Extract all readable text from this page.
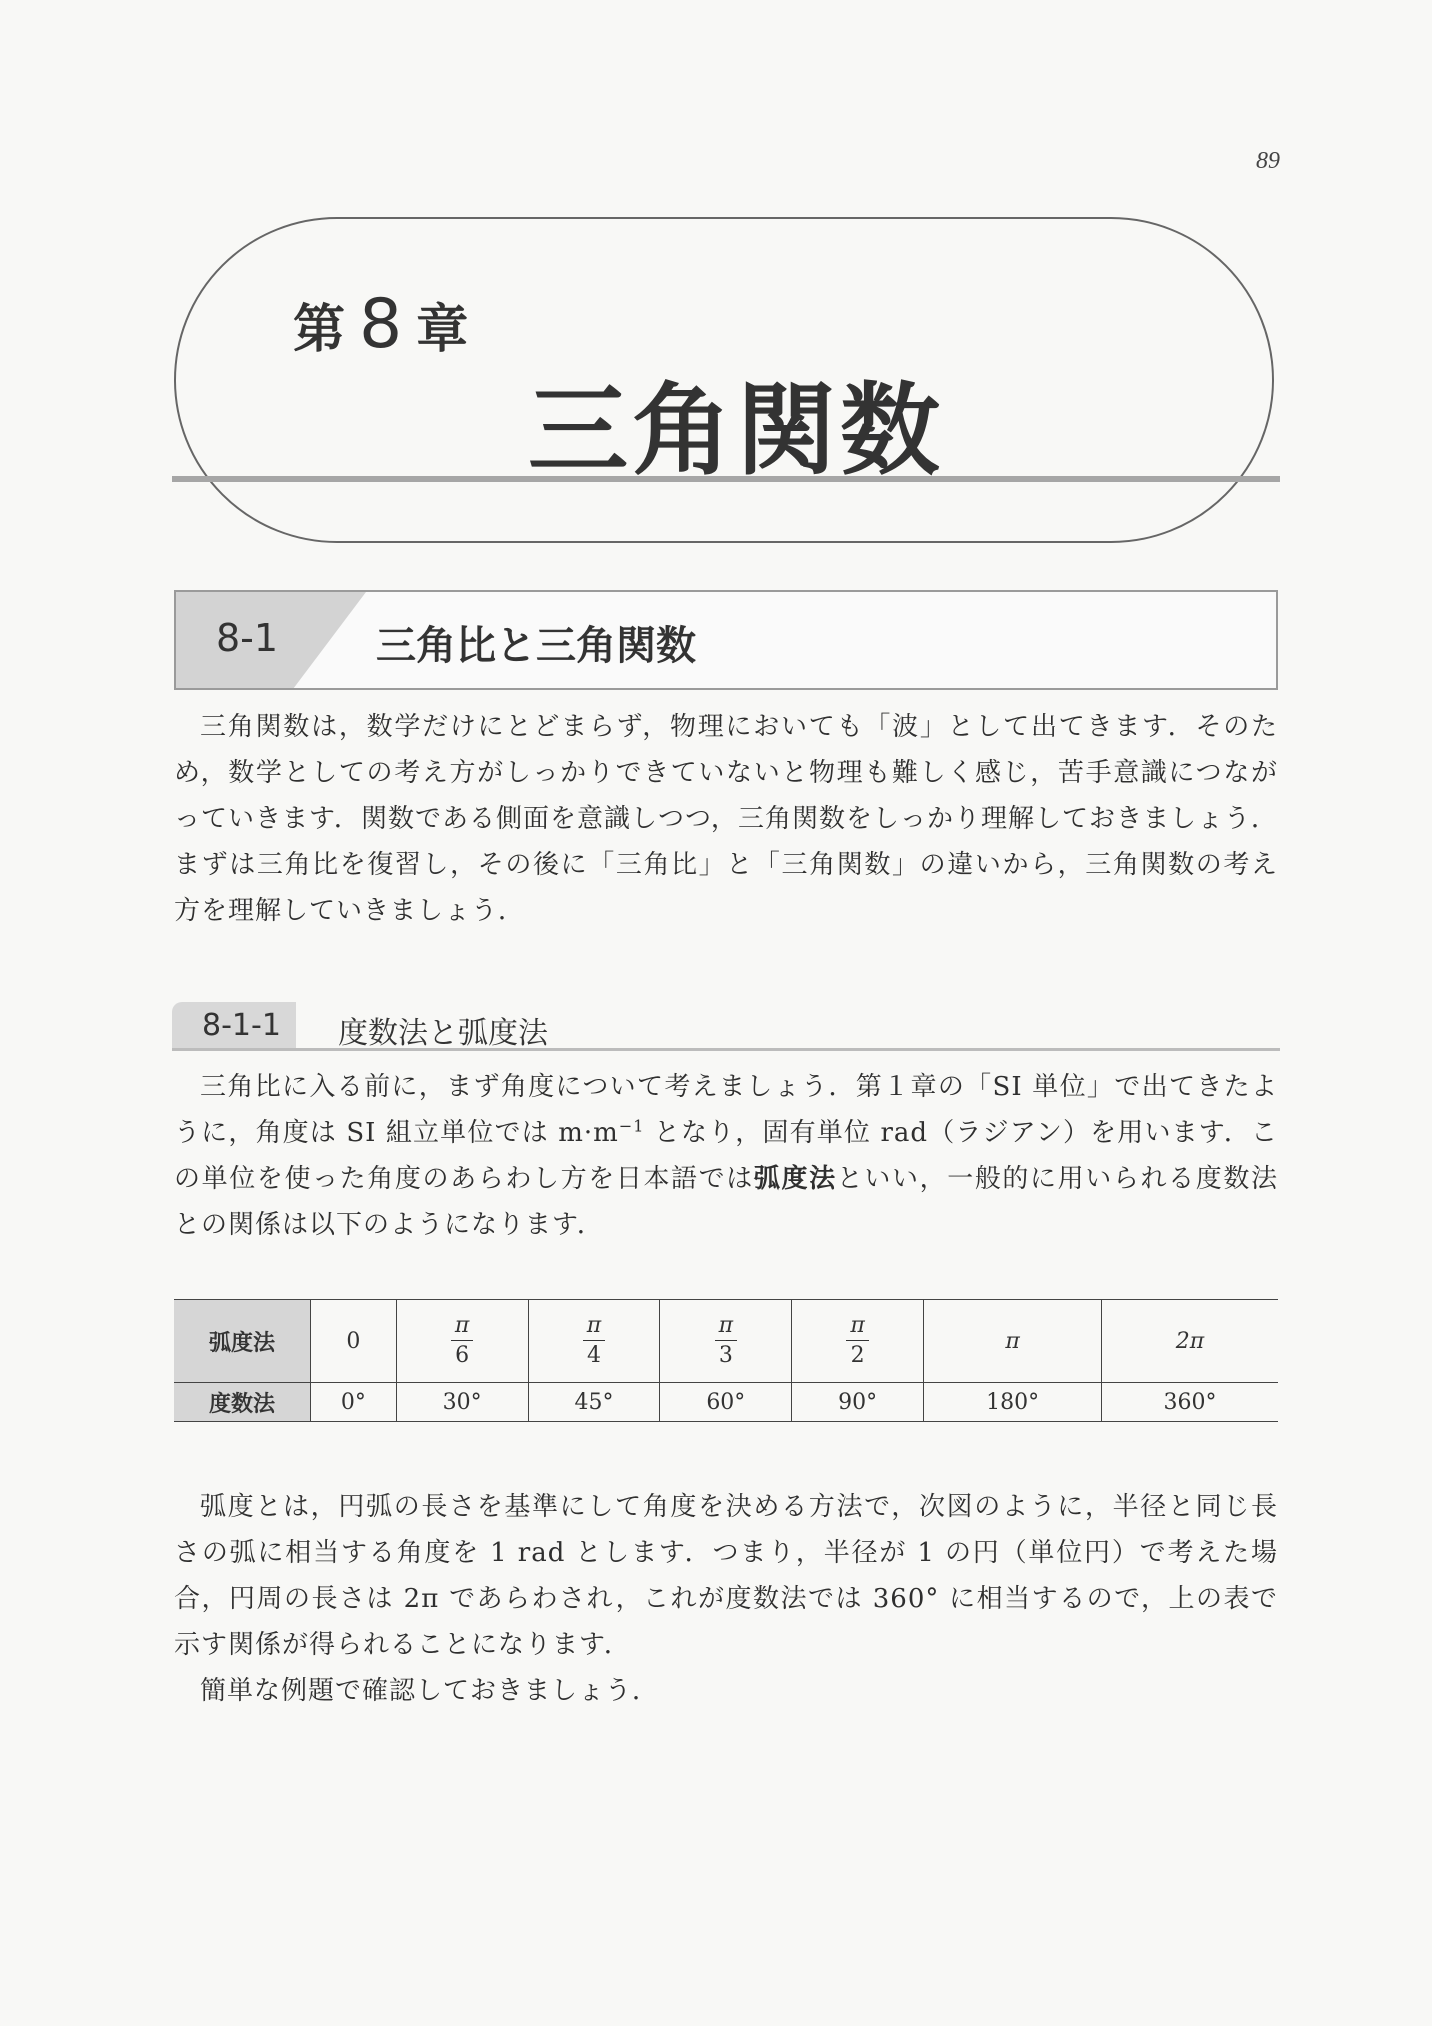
89
第 8 章
三角関数
8-1 三角比と三角関数

三角関数は，数学だけにとどまらず，物理においても「波」として出てきます．そのため，数学としての考え方がしっかりできていないと物理も難しく感じ，苦手意識につながっていきます．関数である側面を意識しつつ，三角関数をしっかり理解しておきましょう．まずは三角比を復習し，その後に「三角比」と「三角関数」の違いから，三角関数の考え方を理解していきましょう．

8-1-1 度数法と弧度法

三角比に入る前に，まず角度について考えましょう．第１章の「SI 単位」で出てきたように，角度は SI 組立単位では $m\cdot m^{-1}$ となり，固有単位 rad（ラジアン）を用います．この単位を使った角度のあらわし方を日本語では弧度法といい，一般的に用いられる度数法との関係は以下のようになります．

弧度法	0	$\frac{\pi}{6}$	$\frac{\pi}{4}$	$\frac{\pi}{3}$	$\frac{\pi}{2}$	π	2π
度数法	0°	30°	45°	60°	90°	180°	360°

弧度とは，円弧の長さを基準にして角度を決める方法で，次図のように，半径と同じ長さの弧に相当する角度を 1 rad とします．つまり，半径が 1 の円（単位円）で考えた場合，円周の長さは 2π であらわされ，これが度数法では 360° に相当するので，上の表で示す関係が得られることになります．

簡単な例題で確認しておきましょう．
